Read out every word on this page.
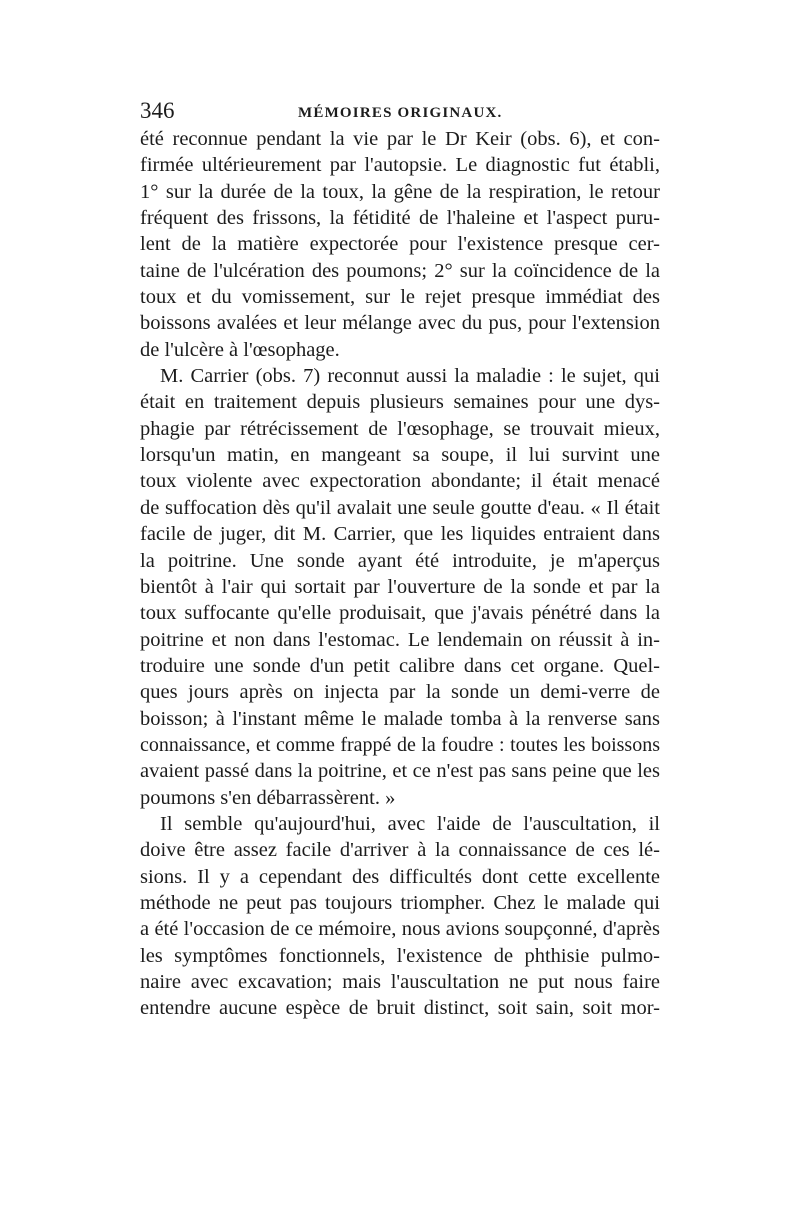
346	MÉMOIRES ORIGINAUX.
été reconnue pendant la vie par le Dr Keir (obs. 6), et con-
firmée ultérieurement par l'autopsie. Le diagnostic fut établi,
1° sur la durée de la toux, la gêne de la respiration, le retour
fréquent des frissons, la fétidité de l'haleine et l'aspect puru-
lent de la matière expectorée pour l'existence presque cer-
taine de l'ulcération des poumons; 2° sur la coïncidence de la
toux et du vomissement, sur le rejet presque immédiat des
boissons avalées et leur mélange avec du pus, pour l'extension
de l'ulcère à l'œsophage.
M. Carrier (obs. 7) reconnut aussi la maladie : le sujet, qui
était en traitement depuis plusieurs semaines pour une dys-
phagie par rétrécissement de l'œsophage, se trouvait mieux,
lorsqu'un matin, en mangeant sa soupe, il lui survint une
toux violente avec expectoration abondante; il était menacé
de suffocation dès qu'il avalait une seule goutte d'eau. « Il était
facile de juger, dit M. Carrier, que les liquides entraient dans
la poitrine. Une sonde ayant été introduite, je m'aperçus
bientôt à l'air qui sortait par l'ouverture de la sonde et par la
toux suffocante qu'elle produisait, que j'avais pénétré dans la
poitrine et non dans l'estomac. Le lendemain on réussit à in-
troduire une sonde d'un petit calibre dans cet organe. Quel-
ques jours après on injecta par la sonde un demi-verre de
boisson; à l'instant même le malade tomba à la renverse sans
connaissance, et comme frappé de la foudre : toutes les boissons
avaient passé dans la poitrine, et ce n'est pas sans peine que les
poumons s'en débarrassèrent. »
Il semble qu'aujourd'hui, avec l'aide de l'auscultation, il
doive être assez facile d'arriver à la connaissance de ces lé-
sions. Il y a cependant des difficultés dont cette excellente
méthode ne peut pas toujours triompher. Chez le malade qui
a été l'occasion de ce mémoire, nous avions soupçonné, d'après
les symptômes fonctionnels, l'existence de phthisie pulmo-
naire avec excavation; mais l'auscultation ne put nous faire
entendre aucune espèce de bruit distinct, soit sain, soit mor-
